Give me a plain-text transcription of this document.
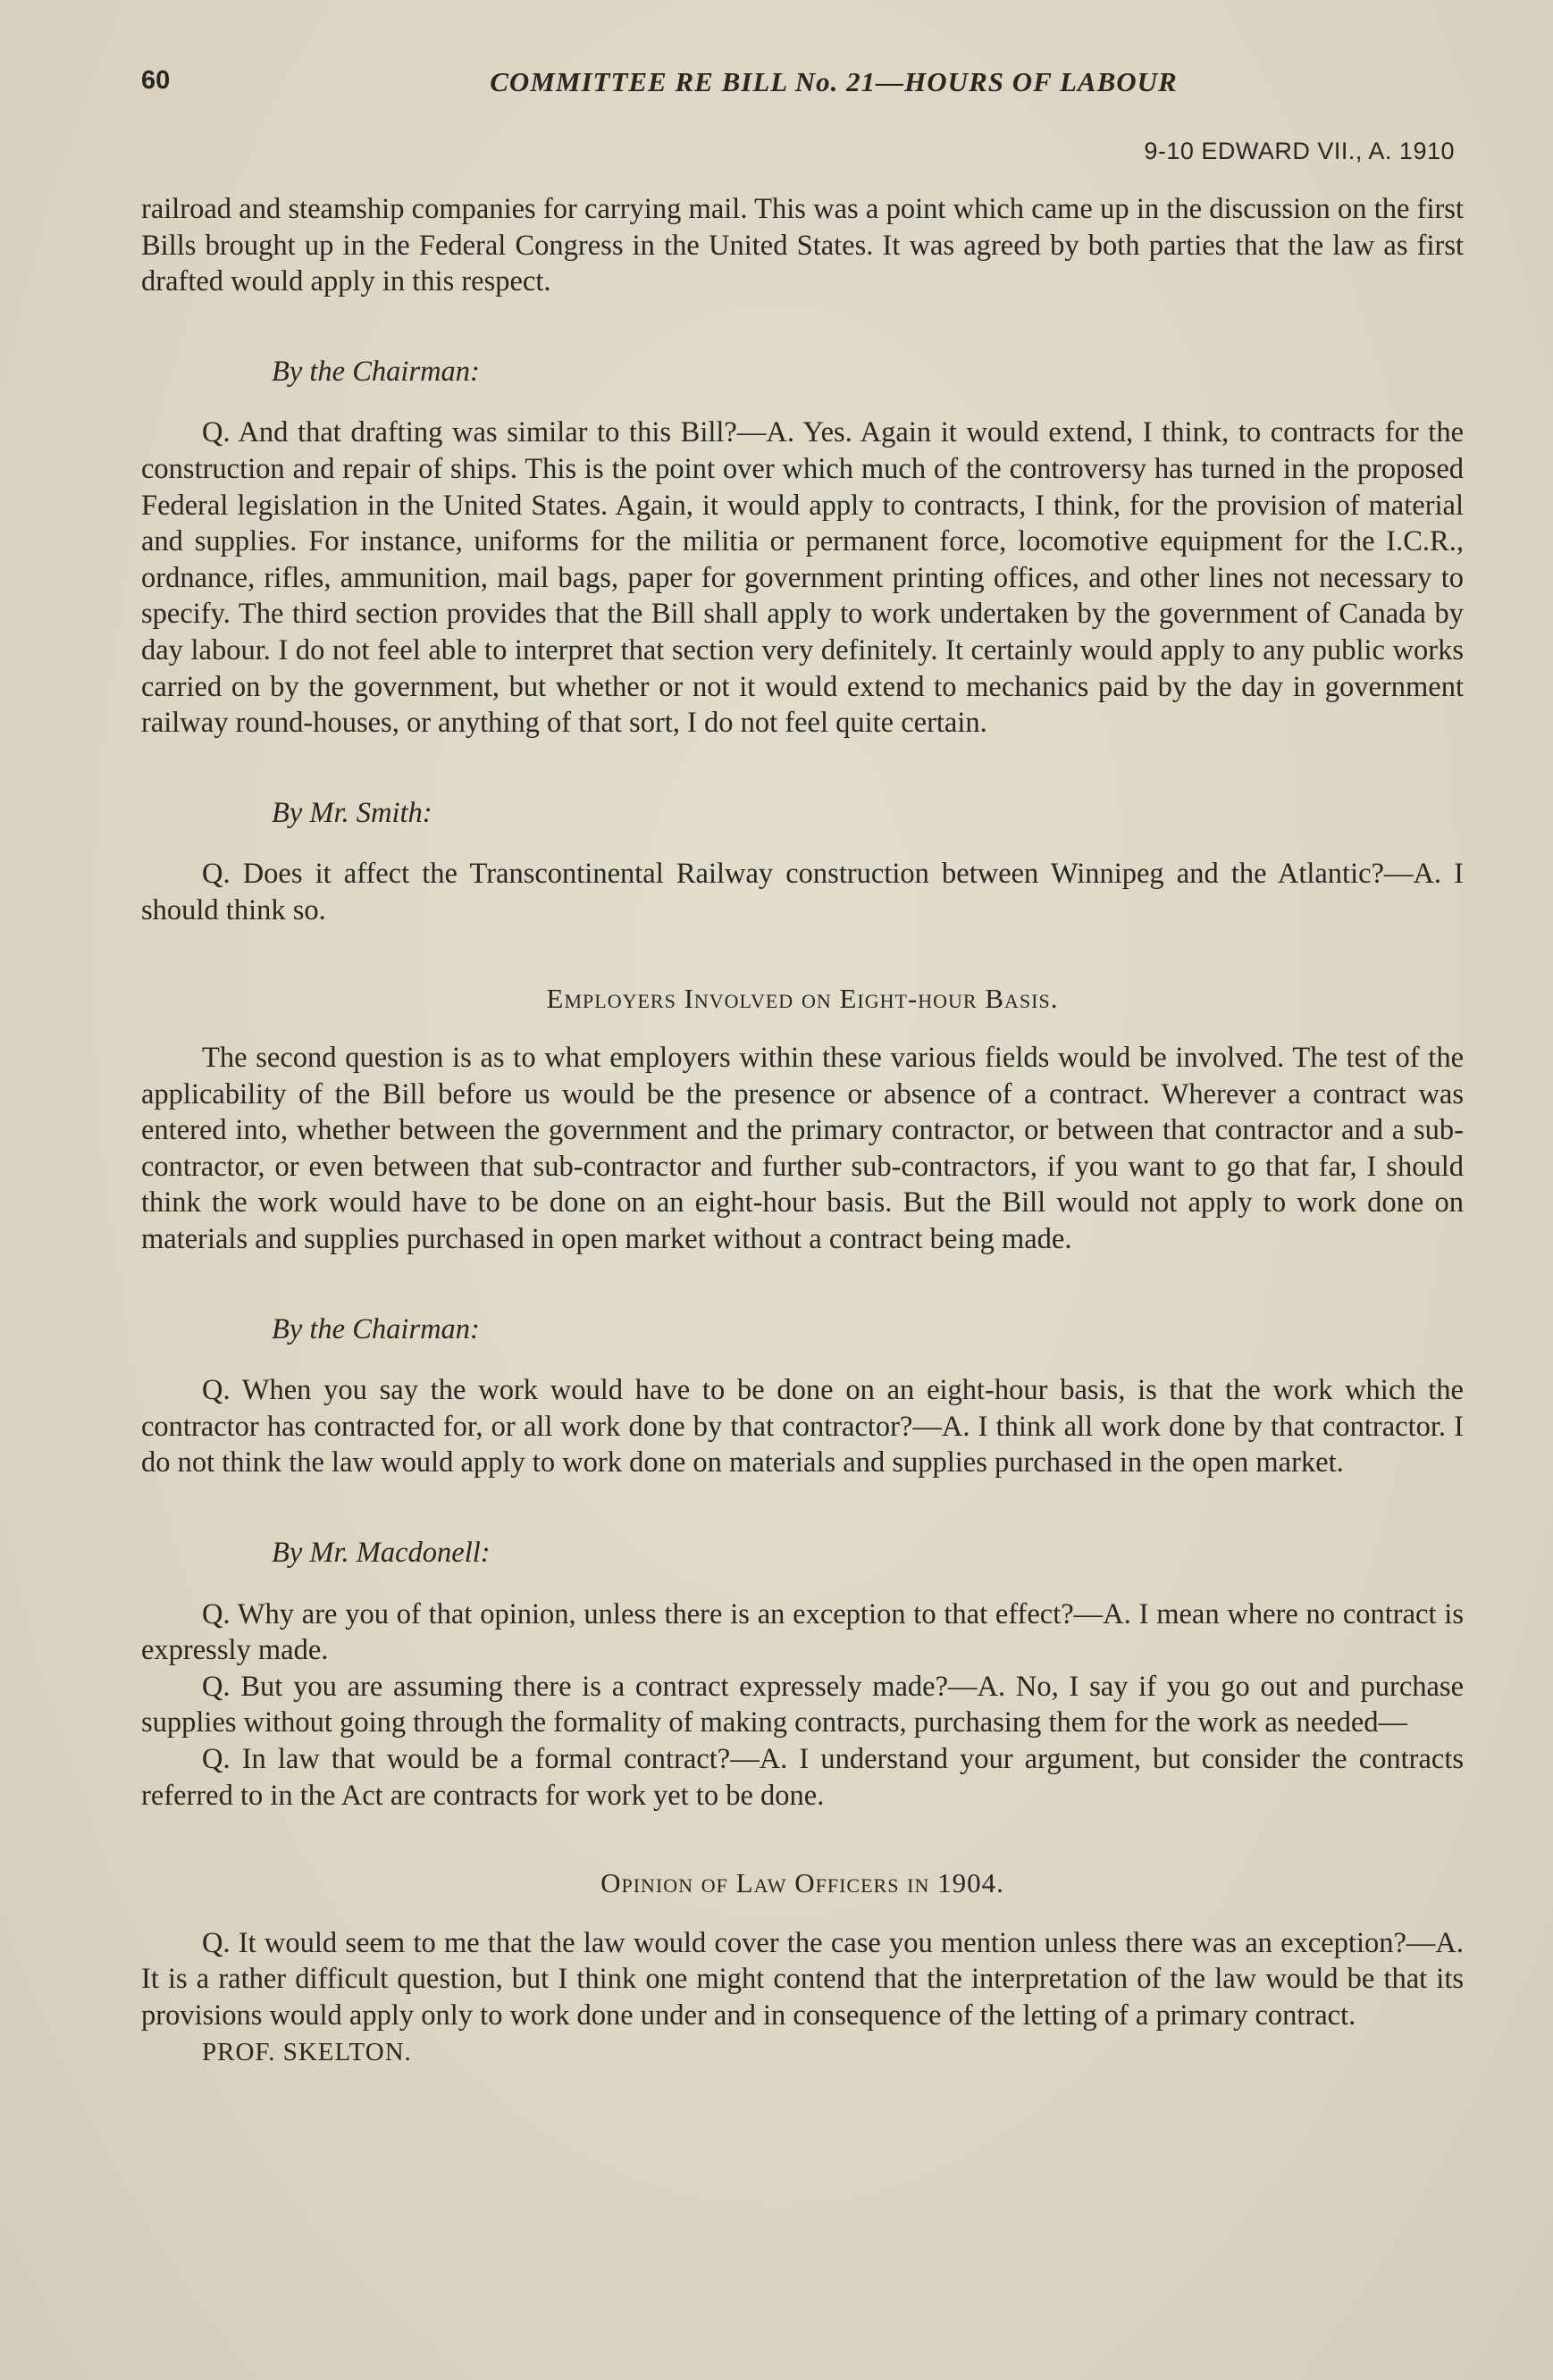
60	COMMITTEE RE BILL No. 21—HOURS OF LABOUR
9-10 EDWARD VII., A. 1910

railroad and steamship companies for carrying mail. This was a point which came up in the discussion on the first Bills brought up in the Federal Congress in the United States. It was agreed by both parties that the law as first drafted would apply in this respect.

By the Chairman:

Q. And that drafting was similar to this Bill?—A. Yes. Again it would extend, I think, to contracts for the construction and repair of ships. This is the point over which much of the controversy has turned in the proposed Federal legislation in the United States. Again, it would apply to contracts, I think, for the provision of material and supplies. For instance, uniforms for the militia or permanent force, locomotive equipment for the I.C.R., ordnance, rifles, ammunition, mail bags, paper for government printing offices, and other lines not necessary to specify. The third section provides that the Bill shall apply to work undertaken by the government of Canada by day labour. I do not feel able to interpret that section very definitely. It certainly would apply to any public works carried on by the government, but whether or not it would extend to mechanics paid by the day in government railway round-houses, or anything of that sort, I do not feel quite certain.

By Mr. Smith:

Q. Does it affect the Transcontinental Railway construction between Winnipeg and the Atlantic?—A. I should think so.

Employers Involved on Eight-hour Basis.

The second question is as to what employers within these various fields would be involved. The test of the applicability of the Bill before us would be the presence or absence of a contract. Wherever a contract was entered into, whether between the government and the primary contractor, or between that contractor and a sub-contractor, or even between that sub-contractor and further sub-contractors, if you want to go that far, I should think the work would have to be done on an eight-hour basis. But the Bill would not apply to work done on materials and supplies purchased in open market without a contract being made.

By the Chairman:

Q. When you say the work would have to be done on an eight-hour basis, is that the work which the contractor has contracted for, or all work done by that contractor?—A. I think all work done by that contractor. I do not think the law would apply to work done on materials and supplies purchased in the open market.

By Mr. Macdonell:

Q. Why are you of that opinion, unless there is an exception to that effect?—A. I mean where no contract is expressly made.

Q. But you are assuming there is a contract expressely made?—A. No, I say if you go out and purchase supplies without going through the formality of making contracts, purchasing them for the work as needed—

Q. In law that would be a formal contract?—A. I understand your argument, but consider the contracts referred to in the Act are contracts for work yet to be done.

Opinion of Law Officers in 1904.

Q. It would seem to me that the law would cover the case you mention unless there was an exception?—A. It is a rather difficult question, but I think one might contend that the interpretation of the law would be that its provisions would apply only to work done under and in consequence of the letting of a primary contract.

PROF. SKELTON.
